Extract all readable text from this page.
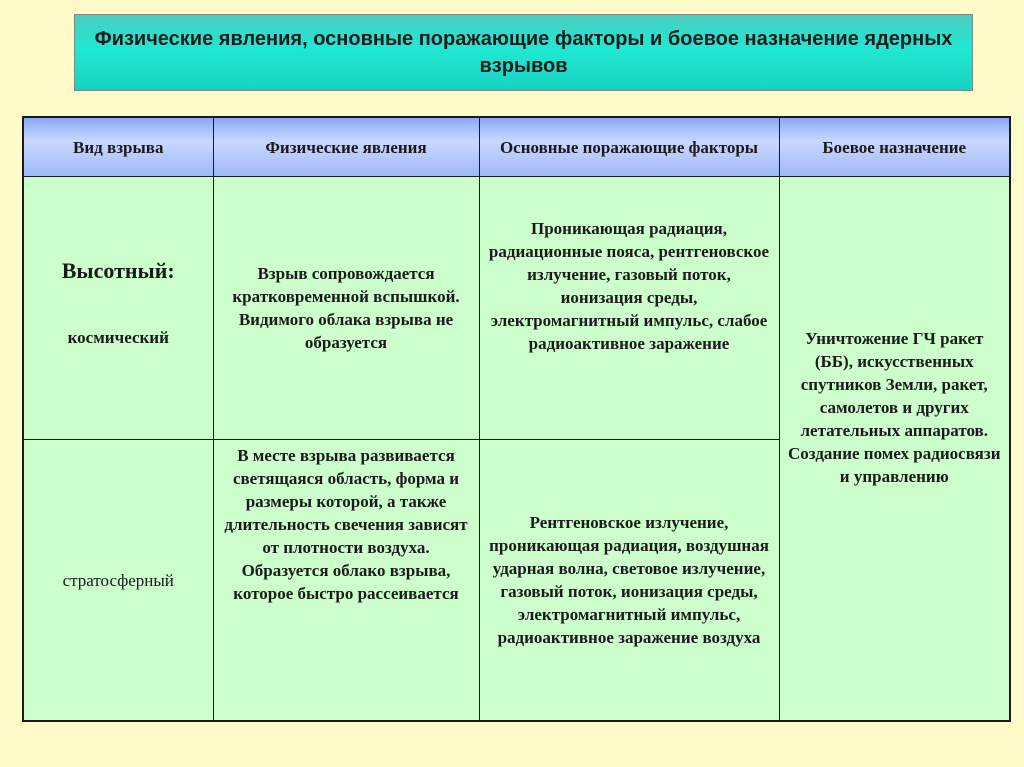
Физические явления, основные поражающие факторы и боевое назначение ядерных взрывов
Вид взрыва	Физические явления	Основные поражающие факторы	Боевое назначение

Высотный:
космический	Взрыв сопровождается кратковременной вспышкой. Видимого облака взрыва не образуется	Проникающая радиация, радиационные пояса, рентгеновское излучение, газовый поток, ионизация среды, электромагнитный импульс, слабое радиоактивное заражение	Уничтожение ГЧ ракет (ББ), искусственных спутников Земли, ракет, самолетов и других летательных аппаратов. Создание помех радиосвязи и управлению
стратосферный	В месте взрыва развивается светящаяся область, форма и размеры которой, а также длительность свечения зависят от плотности воздуха. Образуется облако взрыва, которое быстро рассеивается	Рентгеновское излучение, проникающая радиация, воздушная ударная волна, световое излучение, газовый поток, ионизация среды, электромагнитный импульс, радиоактивное заражение воздуха	
